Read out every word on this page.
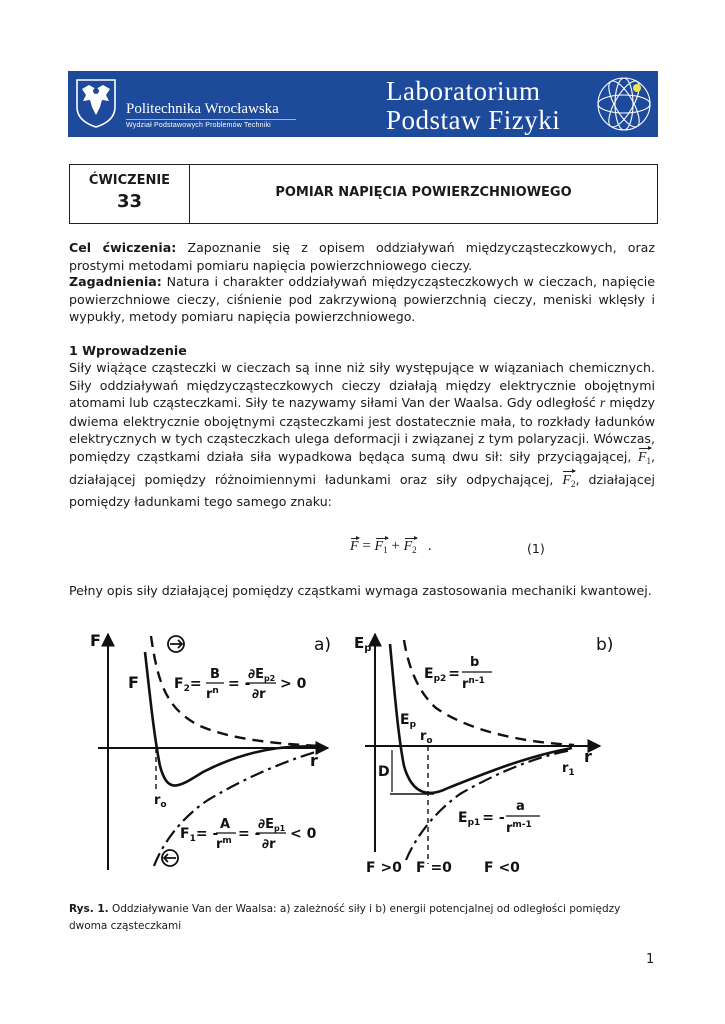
Politechnika Wrocławska
Wydział Podstawowych Problemów Techniki
Laboratorium
Podstaw Fizyki
ĆWICZENIE
33	POMIAR NAPIĘCIA POWIERZCHNIOWEGO

Cel ćwiczenia: Zapoznanie się z opisem oddziaływań międzycząsteczkowych, oraz prostymi metodami pomiaru napięcia powierzchniowego cieczy.

Zagadnienia: Natura i charakter oddziaływań międzycząsteczkowych w cieczach, napięcie powierzchniowe cieczy, ciśnienie pod zakrzywioną powierzchnią cieczy, meniski wklęsły i wypukły, metody pomiaru napięcia powierzchniowego.

1 Wprowadzenie

Siły wiążące cząsteczki w cieczach są inne niż siły występujące w wiązaniach chemicznych. Siły oddziaływań międzycząsteczkowych cieczy działają między elektrycznie obojętnymi atomami lub cząsteczkami. Siły te nazywamy siłami Van der Waalsa. Gdy odległość r między dwiema elektrycznie obojętnymi cząsteczkami jest dostatecznie mała, to rozkłady ładunków elektrycznych w tych cząsteczkach ulega deformacji i związanej z tym polaryzacji. Wówczas, pomiędzy cząstkami działa siła wypadkowa będąca sumą dwu sił: siły przyciągającej, $F_1$, działającej pomiędzy różnoimiennymi ładunkami oraz siły odpychającej, $F_2$, działającej pomiędzy ładunkami tego samego znaku:

$F = F_1 + F_2$   .	(1)

Pełny opis siły działającej pomiędzy cząstkami wymaga zastosowania mechaniki kwantowej.

F
r
F
a)
$r_o$
$F_2=$
B
$r^n$ = -
$\partial E_{p2}$
∂r
> 0
$F_1=$ -
A
$r^m$ = -
$\partial E_{p1}$
∂r
< 0
$E_p$
r
b)
$E_{p2}$ =
b
$r^{n-1}$
$E_p$
$r_o$
D	$r_1$
$E_{p1}$ = -
a
$r^{m-1}$
F >0 F =0 F <0

Rys. 1. Oddziaływanie Van der Waalsa: a) zależność siły i b) energii potencjalnej od odległości pomiędzy dwoma cząsteczkami

1
